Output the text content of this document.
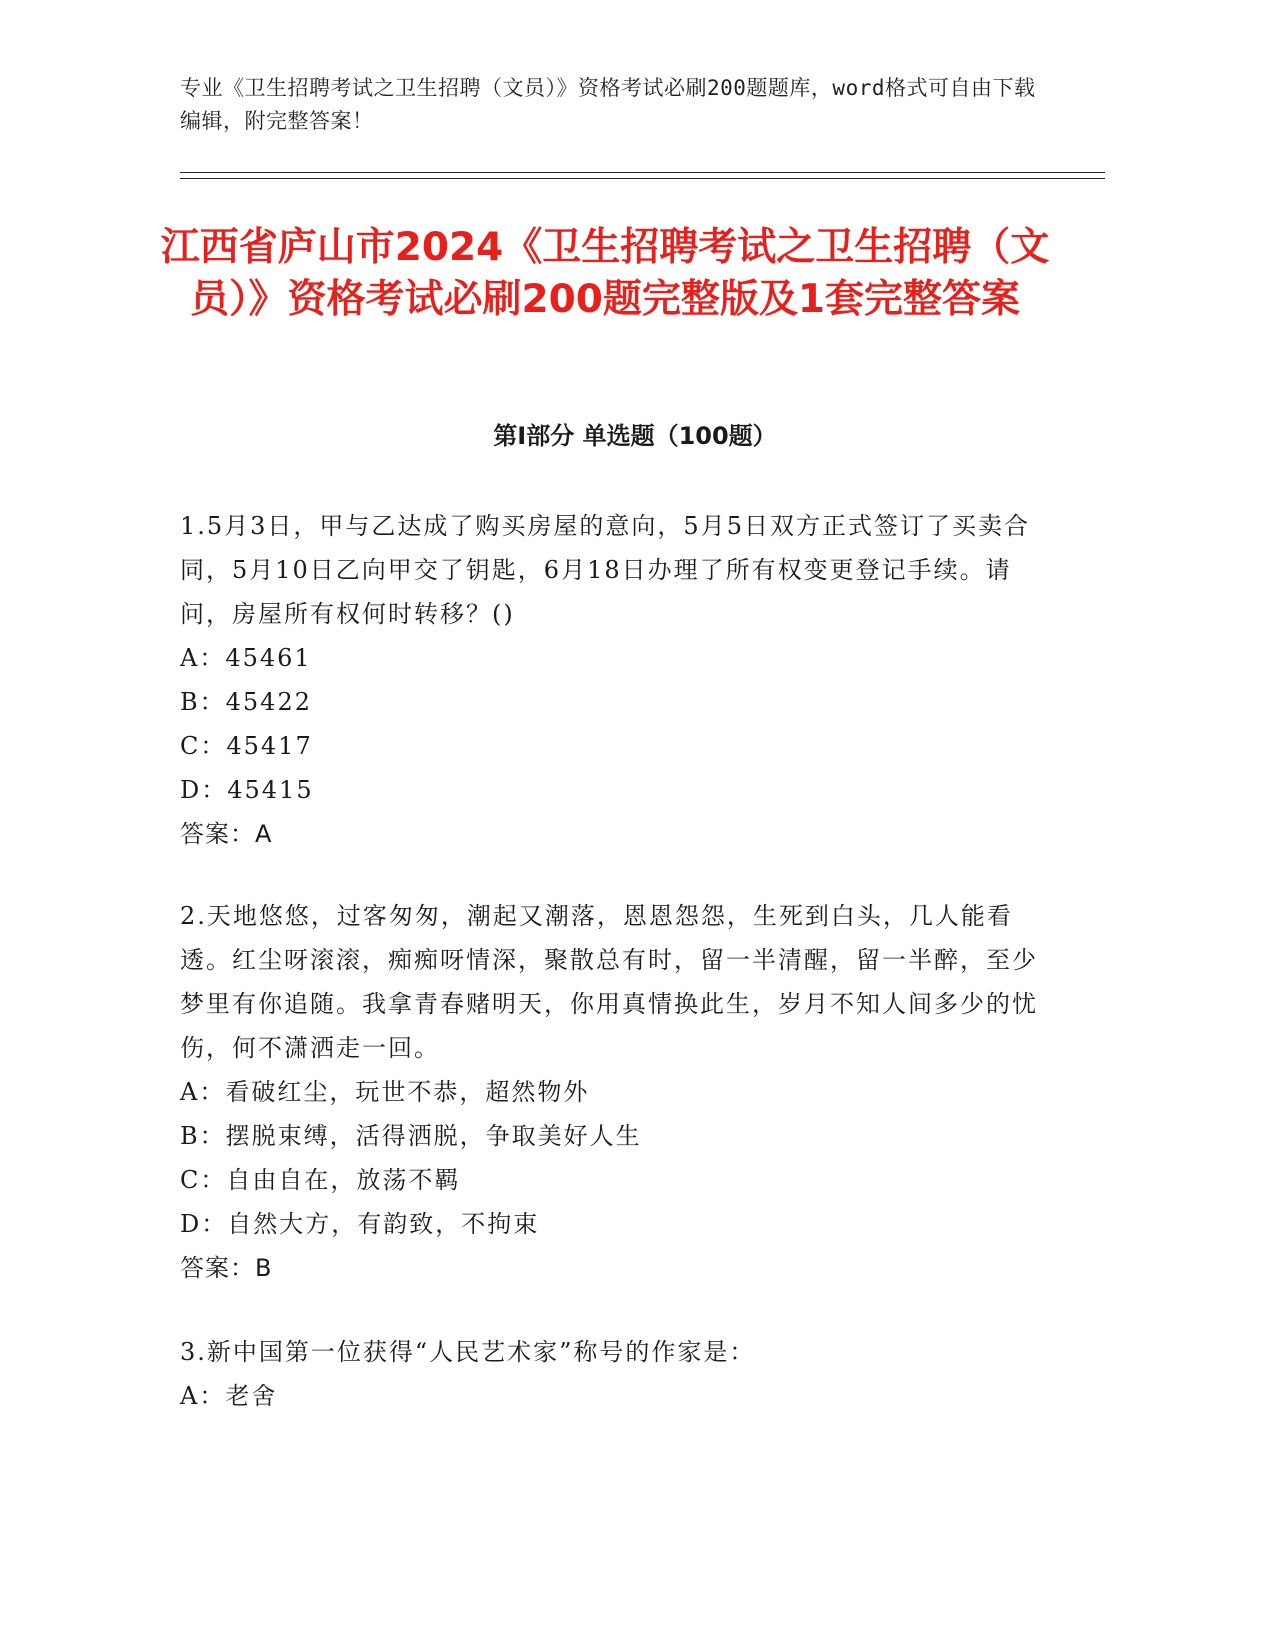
专业《卫生招聘考试之卫生招聘（文员）》资格考试必刷200题题库，word格式可自由下载编辑，附完整答案！
江西省庐山市2024《卫生招聘考试之卫生招聘（文员）》资格考试必刷200题完整版及1套完整答案
第I部分 单选题（100题）

1.5月3日，甲与乙达成了购买房屋的意向，5月5日双方正式签订了买卖合同，5月10日乙向甲交了钥匙，6月18日办理了所有权变更登记手续。请问，房屋所有权何时转移？()

A：45461

B：45422

C：45417

D：45415

答案：A

2.天地悠悠，过客匆匆，潮起又潮落，恩恩怨怨，生死到白头，几人能看透。红尘呀滚滚，痴痴呀情深，聚散总有时，留一半清醒，留一半醉，至少梦里有你追随。我拿青春赌明天，你用真情换此生，岁月不知人间多少的忧伤，何不潇洒走一回。

A：看破红尘，玩世不恭，超然物外

B：摆脱束缚，活得洒脱，争取美好人生

C：自由自在，放荡不羁

D：自然大方，有韵致，不拘束

答案：B

3.新中国第一位获得“人民艺术家”称号的作家是：

A：老舍
